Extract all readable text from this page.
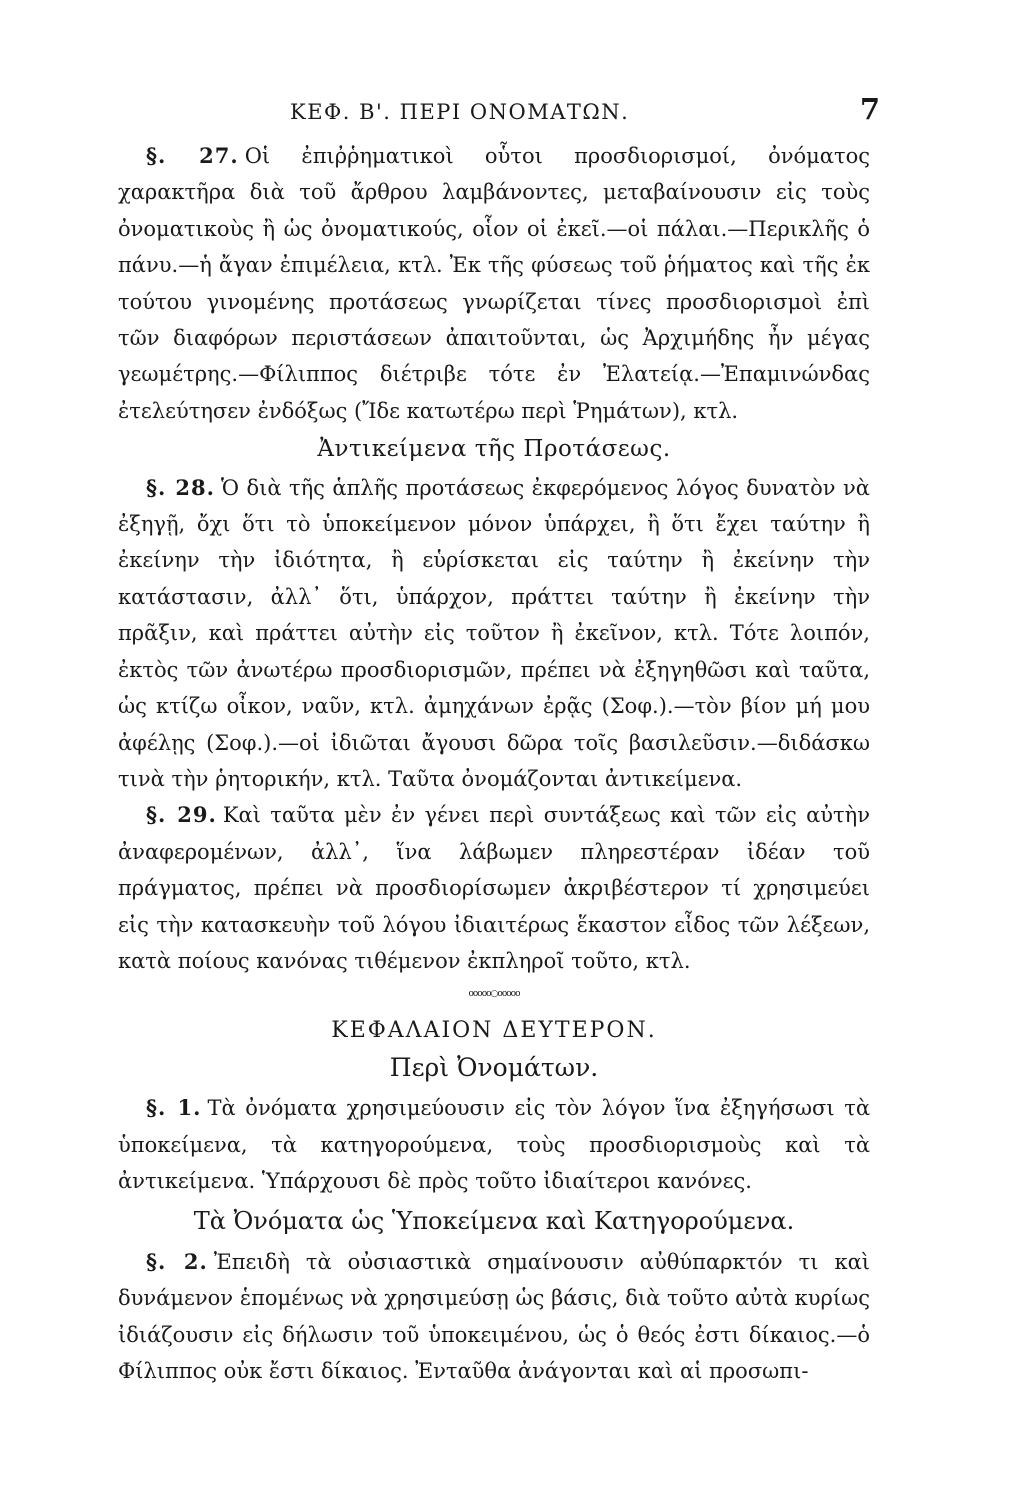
ΚΕΦ. Β'. ΠΕΡΙ ΟΝΟΜΑΤΩΝ.	7

§. 27. Οἱ ἐπιῤῥηματικοὶ οὗτοι προσδιορισμοί, ὀνόματος χαρακτῆρα διὰ τοῦ ἄρθρου λαμβάνοντες, μεταβαίνουσιν εἰς τοὺς ὀνοματικοὺς ἢ ὡς ὀνοματικούς, οἷον οἱ ἐκεῖ.—οἱ πάλαι.—Περικλῆς ὁ πάνυ.—ἡ ἄγαν ἐπιμέλεια, κτλ. Ἐκ τῆς φύσεως τοῦ ῥήματος καὶ τῆς ἐκ τούτου γινομένης προτάσεως γνωρίζεται τίνες προσδιορισμοὶ ἐπὶ τῶν διαφόρων περιστάσεων ἀπαιτοῦνται, ὡς Ἀρχιμήδης ἦν μέγας γεωμέτρης.—Φίλιππος διέτριβε τότε ἐν Ἐλατείᾳ.—Ἐπαμινώνδας ἐτελεύτησεν ἐνδόξως (Ἴδε κατωτέρω περὶ Ῥημάτων), κτλ.

Ἀντικείμενα τῆς Προτάσεως.

§. 28. Ὁ διὰ τῆς ἁπλῆς προτάσεως ἐκφερόμενος λόγος δυνατὸν νὰ ἐξηγῇ, ὄχι ὅτι τὸ ὑποκείμενον μόνον ὑπάρχει, ἢ ὅτι ἔχει ταύτην ἢ ἐκείνην τὴν ἰδιότητα, ἢ εὑρίσκεται εἰς ταύτην ἢ ἐκείνην τὴν κατάστασιν, ἀλλ᾽ ὅτι, ὑπάρχον, πράττει ταύτην ἢ ἐκείνην τὴν πρᾶξιν, καὶ πράττει αὐτὴν εἰς τοῦτον ἢ ἐκεῖνον, κτλ. Τότε λοιπόν, ἐκτὸς τῶν ἀνωτέρω προσδιορισμῶν, πρέπει νὰ ἐξηγηθῶσι καὶ ταῦτα, ὡς κτίζω οἶκον, ναῦν, κτλ. ἀμηχάνων ἐρᾷς (Σοφ.).—τὸν βίον μή μου ἀφέλῃς (Σοφ.).—οἱ ἰδιῶται ἄγουσι δῶρα τοῖς βασιλεῦσιν.—διδάσκω τινὰ τὴν ῥητορικήν, κτλ. Ταῦτα ὀνομάζονται ἀντικείμενα.

§. 29. Καὶ ταῦτα μὲν ἐν γένει περὶ συντάξεως καὶ τῶν εἰς αὐτὴν ἀναφερομένων, ἀλλ᾽, ἵνα λάβωμεν πληρεστέραν ἰδέαν τοῦ πράγματος, πρέπει νὰ προσδιορίσωμεν ἀκριβέστερον τί χρησιμεύει εἰς τὴν κατασκευὴν τοῦ λόγου ἰδιαιτέρως ἕκαστον εἶδος τῶν λέξεων, κατὰ ποίους κανόνας τιθέμενον ἐκπληροῖ τοῦτο, κτλ.

ooooo○ooooo
ΚΕΦΑΛΑΙΟΝ ΔΕΥΤΕΡΟΝ.
Περὶ Ὀνομάτων.

§. 1. Τὰ ὀνόματα χρησιμεύουσιν εἰς τὸν λόγον ἵνα ἐξηγήσωσι τὰ ὑποκείμενα, τὰ κατηγορούμενα, τοὺς προσδιορισμοὺς καὶ τὰ ἀντικείμενα. Ὑπάρχουσι δὲ πρὸς τοῦτο ἰδιαίτεροι κανόνες.

Τὰ Ὀνόματα ὡς Ὑποκείμενα καὶ Κατηγορούμενα.

§. 2. Ἐπειδὴ τὰ οὐσιαστικὰ σημαίνουσιν αὐθύπαρκτόν τι καὶ δυνάμενον ἑπομένως νὰ χρησιμεύσῃ ὡς βάσις, διὰ τοῦτο αὐτὰ κυρίως ἰδιάζουσιν εἰς δήλωσιν τοῦ ὑποκειμένου, ὡς ὁ θεός ἐστι δίκαιος.—ὁ Φίλιππος οὐκ ἔστι δίκαιος. Ἐνταῦθα ἀνάγονται καὶ αἱ προσωπι-
